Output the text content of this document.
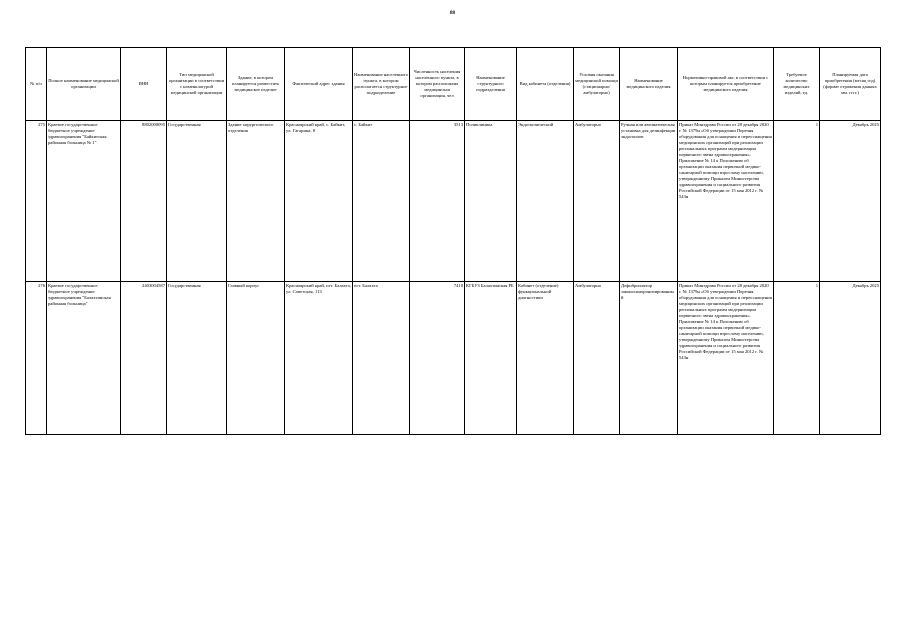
88
№ п/п	Полное наименование медицинской организации	ИНН	Тип медицинской организации в соответствии с номенклатурой медицинской организации	Здание, в котором планируется разместить медицинское изделие	Фактический адрес здания	Наименование населенного пункта, в котором располагается структурное подразделение	Численность населения населенного пункта, в котором расположена медицинская организация, чел	Наименование структурного подразделения	Вид кабинета (отделения)	Условия оказания медицинской помощи (стационарно/амбулаторно)	Наименование медицинского изделия	Нормативно-правовой акт, в соответствии с которым планируется приобретение медицинского изделия	Требуемое количество медицинских изделий, ед.	Планируемая дата приобретения (месяц год) (формат отражения данных мм. гггг.)
275	Краевое государственное бюджетное учреждение здравоохранения "Байкитская районная больница № 1"	8802000095	Государственная	Здание хирургического отделения	Красноярский край, с. Байкит, ул. Гагарина, 8	с. Байкит	3513	Поликлиника	Эндоскопический	Амбулаторно	Ручная или автоматическая установка для дезинфекции эндоскопов	Приказ Минздрава России от 28 декабря 2020 г. № 1379н «Об утверждении Перечня оборудования для оснащения и переоснащения медицинских организаций при реализации региональных программ модернизации первичного звена здравоохранения». Приложение № 14 к Положению об организации оказания первичной медико-санитарной помощи взрослому населению, утвержденному Приказом Министерства здравоохранения и социального развития Российской Федерации от 15 мая 2012 г. № 543н	1	Декабрь 2025
276	Краевое государственное бюджетное учреждение здравоохранения "Балахтинская районная больница"	2403004587	Государственная	Главный корпус	Красноярский край, пгт. Балахта, ул. Советская, 113	пгт. Балахта	7410	КГБУЗ Балахтинская РБ	Кабинет (отделение) функциональной диагностики	Амбулаторно	Дефибриллятор законосинхронизированный	Приказ Минздрава России от 28 декабря 2020 г. № 1379н «Об утверждении Перечня оборудования для оснащения и переоснащения медицинских организаций при реализации региональных программ модернизации первичного звена здравоохранения». Приложение № 14 к Положению об организации оказания первичной медико-санитарной помощи взрослому населению, утвержденному Приказом Министерства здравоохранения и социального развития Российской Федерации от 15 мая 2012 г. № 543н	1	Декабрь 2025
